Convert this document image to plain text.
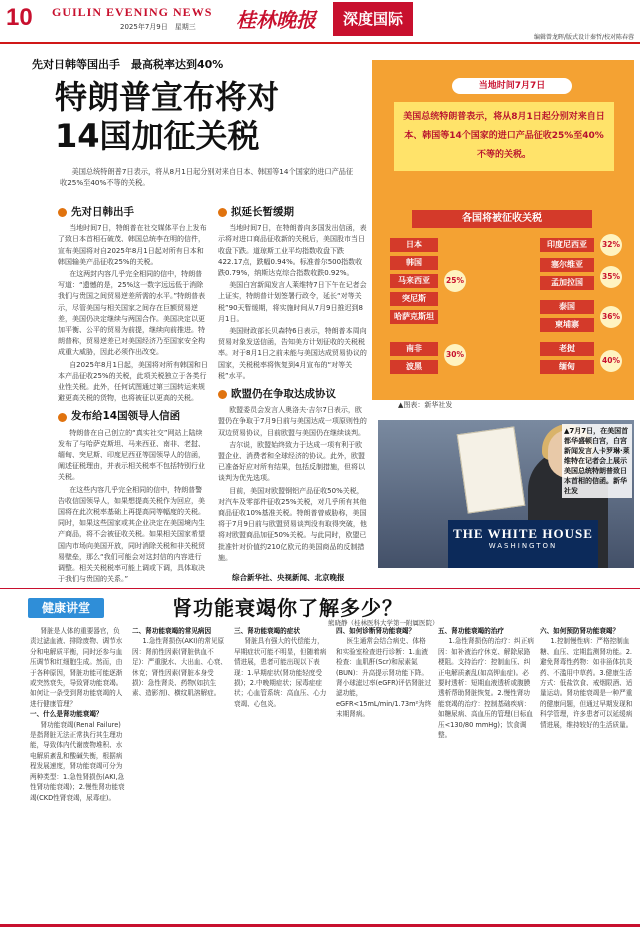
10 GUILIN EVENING NEWS
2025年7月9日　星期三 桂林晚报	深度国际
编辑曾龙晖/版式设计秦哲/校对陈春蓉
先对日韩等国出手　最高税率达到40%
特朗普宣布将对
14国加征关税
美国总统特朗普7日表示，将从8月1日起分别对来自日本、韩国等14个国家的进口产品征收25%至40%不等的关税。
先对日韩出手

当地时间7日，特朗普在社交媒体平台上发布了致日本首相石破茂、韩国总统李在明的信件，宣布美国将对自2025年8月1日起对所有日本和韩国输美产品征收25%的关税。

在这两封内容几乎完全相同的信中，特朗普写道：“遗憾的是，25%这一数字远远低于消除我们与贵国之间贸易逆差所需的水平。”特朗普表示，尽管美国与相关国家之间存在巨额贸易逆差，美国仍决定继续与两国合作。美国决定以更加平衡、公平的贸易为前提，继续向前推进。特朗普称，贸易逆差已对美国经济乃至国家安全构成重大威胁，因此必须作出改变。

自2025年8月1日起，美国将对所有韩国和日本产品征收25%的关税，此项关税独立于各类行业性关税。此外，任何试图通过第三国转运来规避更高关税的货物，也将被征以更高的关税。

发布给14国领导人信函

特朗普在自己创立的“真实社交”网站上陆续发布了与哈萨克斯坦、马来西亚、南非、老挝、缅甸、突尼斯、印度尼西亚等国领导人的信函，阐述征税理由，并表示相关税率不包括特别行业关税。

在这些内容几乎完全相同的信中，特朗普警告收信国领导人，如果想提高关税作为回应，美国将在此次税率基础上再提高同等幅度的关税。同时，如果这些国家或其企业决定在美国境内生产商品，将不会被征收关税。如果相关国家希望国内市场向美国开放，同时消除关税和非关税贸易壁垒，那么“我们可能会对这封信的内容进行调整。相关关税税率可能上调或下调，具体取决于我们与贵国的关系。”

拟延长暂缓期

当地时间7日，在特朗普向多国发出信函，表示将对进口商品征收新的关税后，美国股市当日收盘下跌。道琼斯工业平均指数收盘下跌422.17点，跌幅0.94%。标准普尔500指数收跌0.79%，纳斯达克综合指数收跌0.92%。

美国白宫新闻发言人莱维特7日下午在记者会上证实，特朗普计划签署行政令，延长“对等关税”90天暂缓期，将实施时间从7月9日推迟到8月1日。

美国财政部长贝森特6日表示，特朗普本周向贸易对象发送信函，告知美方计划征收的关税税率。对于8月1日之前未能与美国达成贸易协议的国家，关税税率将恢复到4月宣布的“对等关税”水平。

欧盟仍在争取达成协议

欧盟委员会发言人奥洛夫·吉尔7日表示，欧盟仍在争取于7月9日前与美国达成一项原则性的双边贸易协议，目前欧盟与美国仍在继续谈判。

吉尔说，欧盟始终致力于达成一项有利于欧盟企业、消费者和全球经济的协议。此外，欧盟已准备好应对所有结果，包括反制措施，但将以谈判为优先选项。

目前，美国对欧盟钢铝产品征收50%关税，对汽车及零部件征收25%关税，对几乎所有其他商品征收10%基准关税。特朗普曾威胁称，美国将于7月9日前与欧盟贸易谈判没有取得突破，他将对欧盟商品加征50%关税。与此同时，欧盟已批准针对价值约210亿欧元的美国商品的反制措施。

当地时间7月7日
美国总统特朗普表示，将从8月1日起分别对来自日本、韩国等14个国家的进口产品征收25%至40%不等的关税。
各国将被征收关税
日本
韩国
马来西亚
突尼斯
哈萨克斯坦
南非
波黑
25%
30%
印度尼西亚
塞尔维亚
孟加拉国
泰国
柬埔寨
老挝
缅甸
32%
35%
36%
40%
▲图表：新华社发
THE WHITE HOUSE
WASHINGTON
▲7月7日，在美国首都华盛顿白宫，白宫新闻发言人卡罗琳·莱维特在记者会上展示美国总统特朗普致日本首相的信函。新华社发
综合新华社、央视新闻、北京晚报
健康讲堂	肾功能衰竭你了解多少？
熊晓静（桂林医科大学第一附属医院）

肾脏是人体的重要器官，负责过滤血液、排除废物、调节水分和电解质平衡，同时还参与血压调节和红细胞生成。然而，由于各种原因，肾脏功能可能逐渐或突然衰失，导致肾功能衰竭。如何让一条受到肾功能衰竭的人进行健康管理？

一、什么是肾功能衰竭？

肾功能衰竭(Renal Failure)是指肾脏无法正常执行其生理功能，导致体内代谢废物堆积、水电解质紊乱和酸碱失衡，根据病程发展速度，肾功能衰竭可分为两种类型：1.急性肾损伤(AKI,急性肾功能衰竭)；2.慢性肾功能衰竭(CKD性肾衰竭，尿毒症)。

二、肾功能衰竭的常见病因

1.急性肾损伤(AKI)的常见原因：肾前性因素(肾脏供血不足)：严重脱水、大出血、心衰、休克；肾性因素(肾脏本身受损)：急性肾炎、药物(如抗生素、造影剂)、横纹肌溶解症。

三、肾功能衰竭的症状

肾脏具有强大的代偿能力，早期症状可能不明显，但随着病情进展，患者可能出现以下表现：1.早期症状(肾功能轻度受损)；2.中晚期症状；尿毒症症状；心血管系统：高血压、心力衰竭、心包炎。

四、如何诊断肾功能衰竭？

医生通常会结合病史、体格和实验室检查进行诊断：1.血液检查：血肌酐(Scr)和尿素氮(BUN)：升高提示肾功能下降。肾小球滤过率(eGFR)评估肾脏过滤功能，eGFR<15mL/min/1.73m²为终末期肾病。

五、肾功能衰竭的治疗

1.急性肾损伤的治疗：纠正病因：如补液治疗休克、解除尿路梗阻。支持治疗：控制血压、纠正电解质紊乱(如高钾血症)。必要时透析：短期血液透析或腹膜透析帮助肾脏恢复。2.慢性肾功能衰竭的治疗：控制基础疾病：如糖尿病、高血压的管理(目标血压<130/80 mmHg)；饮食调整。

六、如何预防肾功能衰竭？

1.控制慢性病：严格控制血糖、血压、定期监测肾功能。2.避免肾毒性药物：如非甾体抗炎药、不滥用中草药。3.健康生活方式：低盐饮食、戒烟限酒、适量运动。肾功能衰竭是一种严重的健康问题，但通过早期发现和科学管理，许多患者可以延缓病情进展，维持较好的生活质量。
